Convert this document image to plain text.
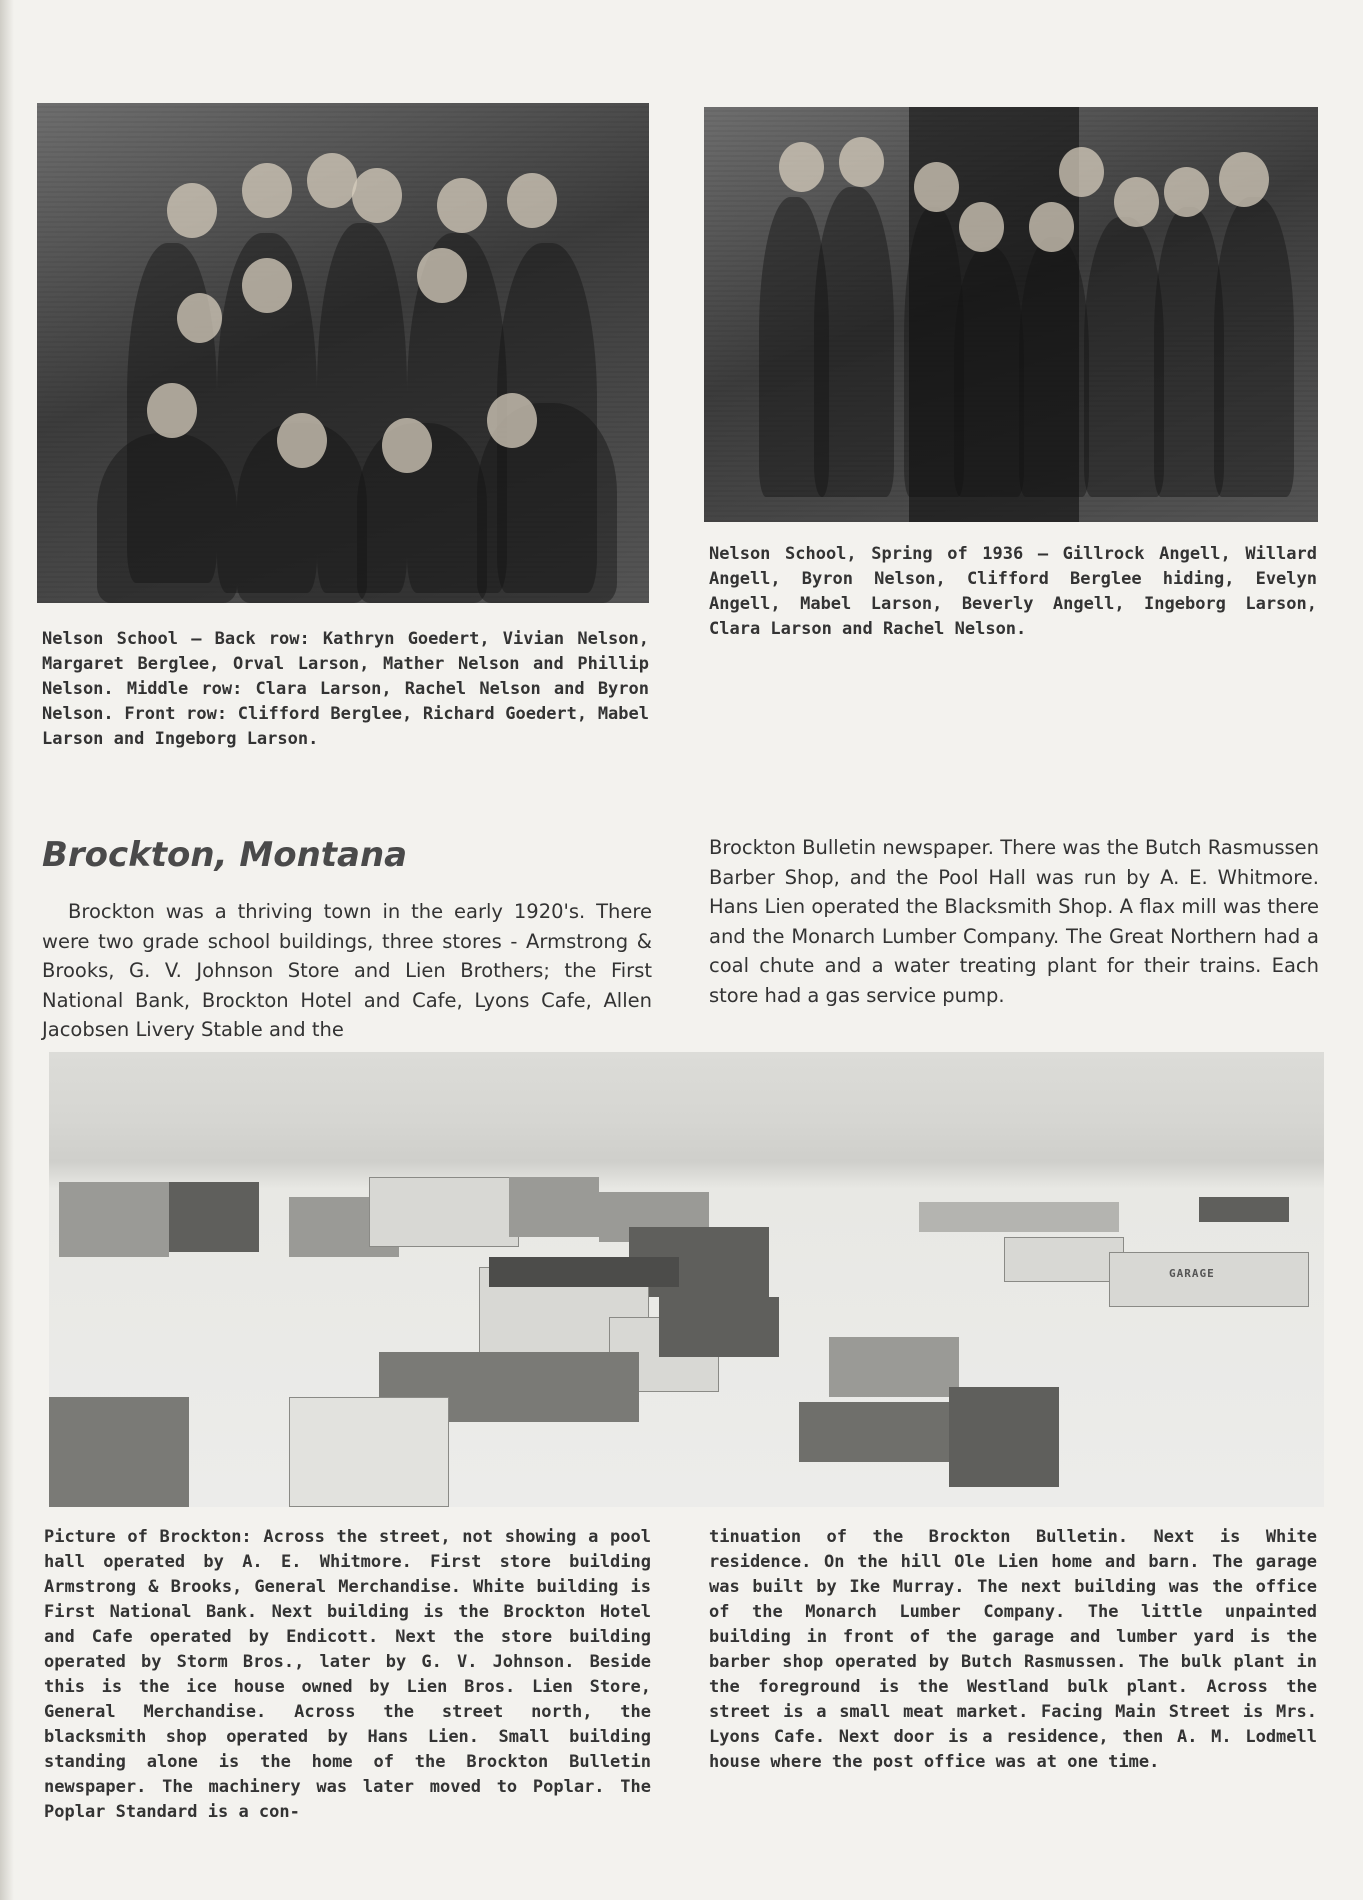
Nelson School — Back row: Kathryn Goedert, Vivian Nelson, Margaret Berglee, Orval Larson, Mather Nelson and Phillip Nelson. Middle row: Clara Larson, Rachel Nelson and Byron Nelson. Front row: Clifford Berglee, Richard Goedert, Mabel Larson and Ingeborg Larson.

Nelson School, Spring of 1936 — Gillrock Angell, Willard Angell, Byron Nelson, Clifford Berglee hiding, Evelyn Angell, Mabel Larson, Beverly Angell, Ingeborg Larson, Clara Larson and Rachel Nelson.

Brockton, Montana

Brockton was a thriving town in the early 1920's. There were two grade school buildings, three stores - Armstrong & Brooks, G. V. Johnson Store and Lien Brothers; the First National Bank, Brockton Hotel and Cafe, Lyons Cafe, Allen Jacobsen Livery Stable and the

Brockton Bulletin newspaper. There was the Butch Rasmussen Barber Shop, and the Pool Hall was run by A. E. Whitmore. Hans Lien operated the Blacksmith Shop. A flax mill was there and the Monarch Lumber Company. The Great Northern had a coal chute and a water treating plant for their trains. Each store had a gas service pump.

GARAGE

Picture of Brockton: Across the street, not showing a pool hall operated by A. E. Whitmore. First store building Armstrong & Brooks, General Merchandise. White building is First National Bank. Next building is the Brockton Hotel and Cafe operated by Endicott. Next the store building operated by Storm Bros., later by G. V. Johnson. Beside this is the ice house owned by Lien Bros. Lien Store, General Merchandise. Across the street north, the blacksmith shop operated by Hans Lien. Small building standing alone is the home of the Brockton Bulletin newspaper. The machinery was later moved to Poplar. The Poplar Standard is a con-

tinuation of the Brockton Bulletin. Next is White residence. On the hill Ole Lien home and barn. The garage was built by Ike Murray. The next building was the office of the Monarch Lumber Company. The little unpainted building in front of the garage and lumber yard is the barber shop operated by Butch Rasmussen. The bulk plant in the foreground is the Westland bulk plant. Across the street is a small meat market. Facing Main Street is Mrs. Lyons Cafe. Next door is a residence, then A. M. Lodmell house where the post office was at one time.
